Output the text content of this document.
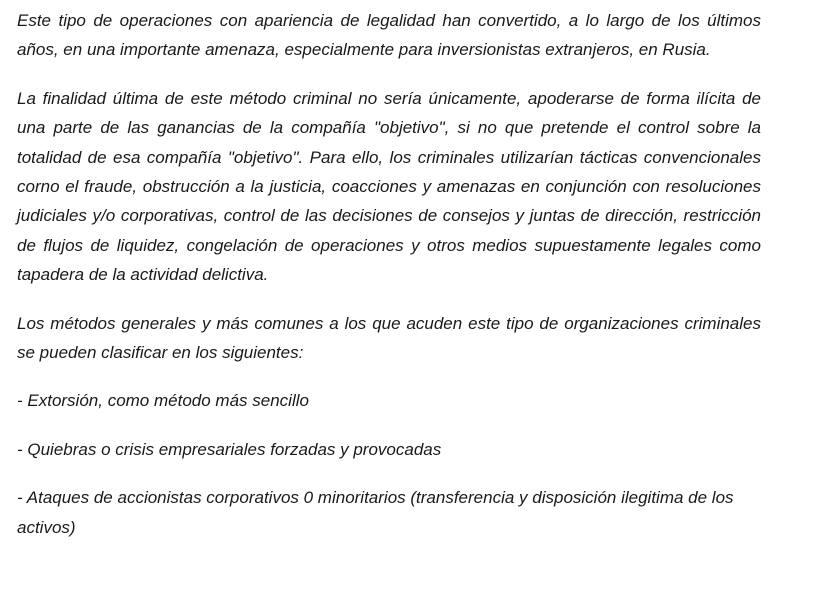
Este tipo de operaciones con apariencia de legalidad han convertido, a lo largo de los últimos años, en una importante amenaza, especialmente para inversionistas extranjeros, en Rusia.

La finalidad última de este método criminal no sería únicamente, apoderarse de forma ilícita de una parte de las ganancias de la compañía "objetivo", si no que pretende el control sobre la totalidad de esa compañía "objetivo". Para ello, los criminales utilizarían tácticas convencionales corno el fraude, obstrucción a la justicia, coacciones y amenazas en conjunción con resoluciones judiciales y/o corporativas, control de las decisiones de consejos y juntas de dirección, restricción de flujos de liquidez, congelación de operaciones y otros medios supuestamente legales como tapadera de la actividad delictiva.

Los métodos generales y más comunes a los que acuden este tipo de organizaciones criminales se pueden clasificar en los siguientes:

- Extorsión, como método más sencillo

- Quiebras o crisis empresariales forzadas y provocadas

- Ataques de accionistas corporativos 0 minoritarios (transferencia y disposición ilegitima de los    activos)
